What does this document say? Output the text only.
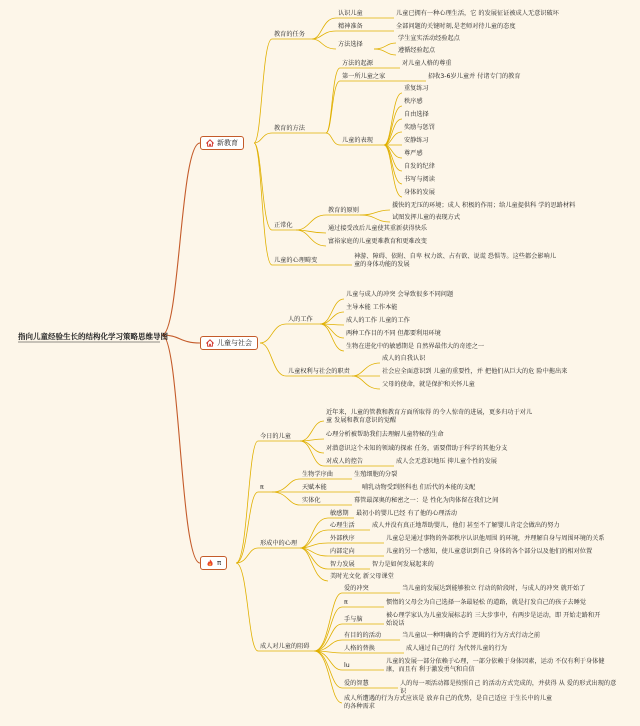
指向儿童经验生长的结构化学习策略思维导图
新教育
儿童与社会
π
教育的任务
认识儿童	儿童已拥有一种心理生活，它 的发展征证被成人无意识破坏
精神准备	全部问题的关键时刻,是老师对待儿童的态度
方法选择
学生宣实活动经验起点
遵循经验起点
教育的方法
方法的起源	对儿童人格的尊重
第一所儿童之家	招收3-6岁儿童并 付诸专门的教育
儿童的表现
重复练习
秩序感
自由选择
奖励与惩罚
安静练习
尊严感
自发的纪律
书写与阅读
身体的发展
正常化
教育的原则
援快的无压的环境；成人 积极的作用；给儿童提供科 学的思路材料
试图发挥儿童的表现方式
通过接受改后儿童使其重新获得快乐
富裕家庭的儿童更难教育和更难改变
儿童的心理畸变
神游、障碍、依附、自卑 权力欲、占有欲、说谎 恐惧等。这些都会影响儿 童的身体功能的发展
人的工作
儿童与成人的冲突 会导致很多不同问题
主导本能 工作本能
成人的工作 儿童的工作
两种工作目的不同 但都要利用环境
生物在进化中的敏感期是 自然界最伟大的奇迹之一
儿童权利与社会的职责
成人的自我认识
社会应全面意识到 儿童的重要性，并 把他们从巨大的危 险中拖出来
父母的使命，就是保护和关怀儿童
今日的儿童
近年来，儿童的管教和教育方面所取得 的令人惊奇的进展，更多归功于对儿童 发展和教育意识的觉醒
心理分析被帮助我们去理解儿童特秘的生命
对潜意识这个未知的领域的探索 任务，需要借助于科学的其他分支
对成人的控告	成人会无意识地压 抑儿童个性的发展
π
生物学序曲	生殖细胞的分裂
天赋本能	哺乳动物受到胚科也 们后代的本能的支配
实体化	幕管最深奥的秘密之一：是 性化为肉体留在我们之间
形成中的心理
敏感期 最初小的婴儿已经 有了他的心理活动
心理生活	成人并没有真正地帮助婴儿，他们 甚至不了解婴儿肯定会做出的努力
外部秩序	儿童总是通过事物的外部秩序认识他周围 的环境，并理解自身与周围环境的关系
内部定向	儿童的另一个感知，使儿童意识到自己 身体的各个部分以及他们的相对位置
智力发展	智力是如何发展起来的
美时光文化 新父母课堂
成人对儿童的阻碍
爱的冲突	当儿童的发展达到能够独立 行动的阶段时，与成人的冲突 就开始了
π	惯惰的父母会为自己选择一条最轻松 的道路，就是打发自己的孩子去睡觉
手与脑
被心理学家认为儿童发展标志的 三大步事中，有两步是运动，即 开始走路和开始说话
有目的的活动	当儿童以一种明确的合乎 逻辑的行为方式行动之前
人格的替换	成人通过自己的行 为代替儿童的行为
lu
儿童的发展一部分依赖于心理，一部分依赖于身体因素，运动 不仅有利于身体健康，而且有 利于激发勇气和自信
爱的智慧	人的每一项活动都是按照自己 的活动方式完成的，并获得 从 爱的形式出现的意识
成人所遭遇的行为方式应该是 放弃自己的优势，是自己适应 于生长中的儿童的各种需求
